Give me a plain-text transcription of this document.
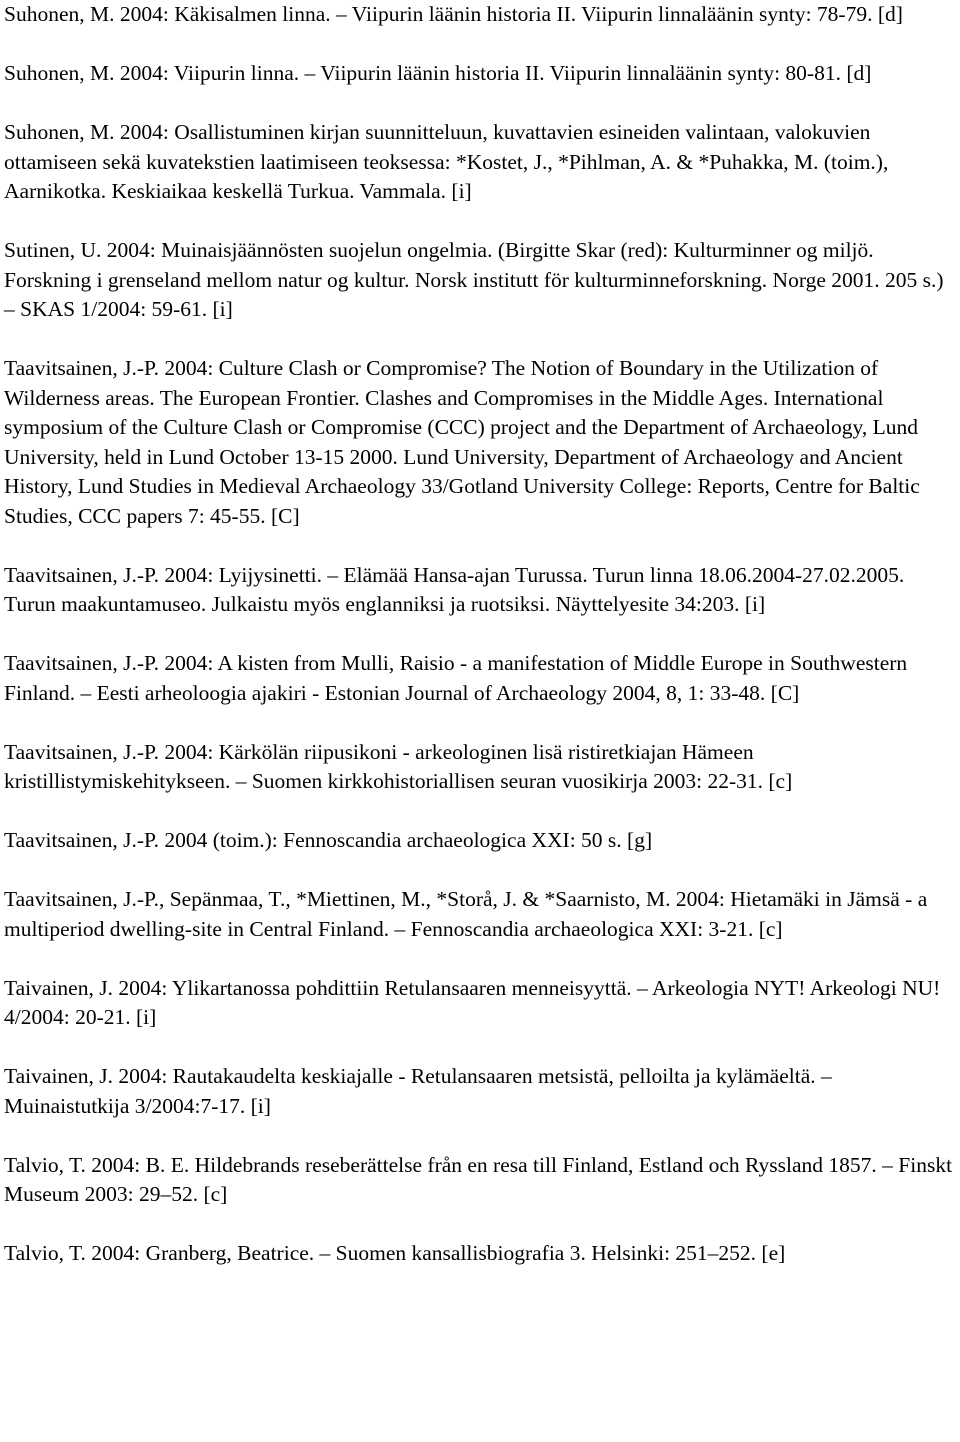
Suhonen, M. 2004: Käkisalmen linna. – Viipurin läänin historia II. Viipurin linnaläänin synty: 78-79. [d]

Suhonen, M. 2004: Viipurin linna. – Viipurin läänin historia II. Viipurin linnaläänin synty: 80-81. [d]

Suhonen, M. 2004: Osallistuminen kirjan suunnitteluun, kuvattavien esineiden valintaan, valokuvien ottamiseen sekä kuvatekstien laatimiseen teoksessa: *Kostet, J., *Pihlman, A. & *Puhakka, M. (toim.), Aarnikotka. Keskiaikaa keskellä Turkua. Vammala. [i]

Sutinen, U. 2004: Muinaisjäännösten suojelun ongelmia. (Birgitte Skar (red): Kulturminner og miljö. Forskning i grenseland mellom natur og kultur. Norsk institutt för kulturminneforskning. Norge 2001. 205 s.) – SKAS 1/2004: 59-61. [i]

Taavitsainen, J.-P. 2004: Culture Clash or Compromise? The Notion of Boundary in the Utilization of Wilderness areas. The European Frontier. Clashes and Compromises in the Middle Ages. International symposium of the Culture Clash or Compromise (CCC) project and the Department of Archaeology, Lund University, held in Lund October 13-15 2000. Lund University, Department of Archaeology and Ancient History, Lund Studies in Medieval Archaeology 33/Gotland University College: Reports, Centre for Baltic Studies, CCC papers 7: 45-55. [C]

Taavitsainen, J.-P. 2004: Lyijysinetti. – Elämää Hansa-ajan Turussa. Turun linna 18.06.2004-27.02.2005. Turun maakuntamuseo. Julkaistu myös englanniksi ja ruotsiksi. Näyttelyesite 34:203. [i]

Taavitsainen, J.-P. 2004: A kisten from Mulli, Raisio - a manifestation of Middle Europe in Southwestern Finland. – Eesti arheoloogia ajakiri - Estonian Journal of Archaeology 2004, 8, 1: 33-48. [C]

Taavitsainen, J.-P. 2004: Kärkölän riipusikoni - arkeologinen lisä ristiretkiajan Hämeen kristillistymiskehitykseen. – Suomen kirkkohistoriallisen seuran vuosikirja 2003: 22-31. [c]

Taavitsainen, J.-P. 2004 (toim.): Fennoscandia archaeologica XXI: 50 s. [g]

Taavitsainen, J.-P., Sepänmaa, T., *Miettinen, M., *Storå, J. & *Saarnisto, M. 2004: Hietamäki in Jämsä - a multiperiod dwelling-site in Central Finland. – Fennoscandia archaeologica XXI: 3-21. [c]

Taivainen, J. 2004: Ylikartanossa pohdittiin Retulansaaren menneisyyttä. – Arkeologia NYT! Arkeologi NU! 4/2004: 20-21. [i]

Taivainen, J. 2004: Rautakaudelta keskiajalle - Retulansaaren metsistä, pelloilta ja kylämäeltä. – Muinaistutkija 3/2004:7-17. [i]

Talvio, T. 2004: B. E. Hildebrands reseberättelse från en resa till Finland, Estland och Ryssland 1857. – Finskt Museum 2003: 29–52. [c]

Talvio, T. 2004: Granberg, Beatrice. – Suomen kansallisbiografia 3. Helsinki: 251–252. [e]
